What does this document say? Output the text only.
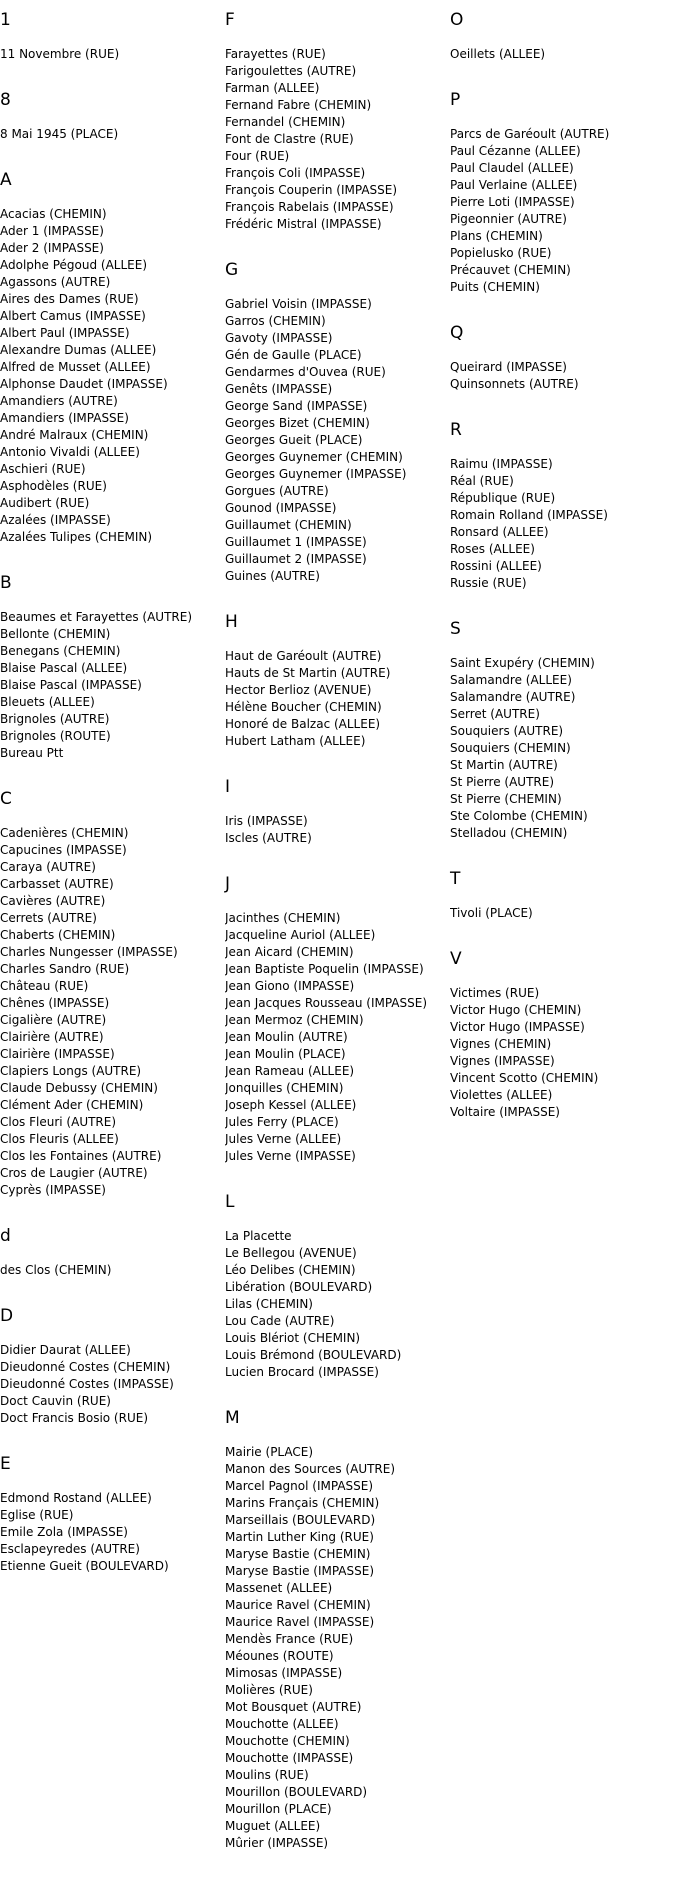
1
11 Novembre (RUE)
8
8 Mai 1945 (PLACE)
A
Acacias (CHEMIN)
Ader 1 (IMPASSE)
Ader 2 (IMPASSE)
Adolphe Pégoud (ALLEE)
Agassons (AUTRE)
Aires des Dames (RUE)
Albert Camus (IMPASSE)
Albert Paul (IMPASSE)
Alexandre Dumas (ALLEE)
Alfred de Musset (ALLEE)
Alphonse Daudet (IMPASSE)
Amandiers (AUTRE)
Amandiers (IMPASSE)
André Malraux (CHEMIN)
Antonio Vivaldi (ALLEE)
Aschieri (RUE)
Asphodèles (RUE)
Audibert (RUE)
Azalées (IMPASSE)
Azalées Tulipes (CHEMIN)
B
Beaumes et Farayettes (AUTRE)
Bellonte (CHEMIN)
Benegans (CHEMIN)
Blaise Pascal (ALLEE)
Blaise Pascal (IMPASSE)
Bleuets (ALLEE)
Brignoles (AUTRE)
Brignoles (ROUTE)
Bureau Ptt
C
Cadenières (CHEMIN)
Capucines (IMPASSE)
Caraya (AUTRE)
Carbasset (AUTRE)
Cavières (AUTRE)
Cerrets (AUTRE)
Chaberts (CHEMIN)
Charles Nungesser (IMPASSE)
Charles Sandro (RUE)
Château (RUE)
Chênes (IMPASSE)
Cigalière (AUTRE)
Clairière (AUTRE)
Clairière (IMPASSE)
Clapiers Longs (AUTRE)
Claude Debussy (CHEMIN)
Clément Ader (CHEMIN)
Clos Fleuri (AUTRE)
Clos Fleuris (ALLEE)
Clos les Fontaines (AUTRE)
Cros de Laugier (AUTRE)
Cyprès (IMPASSE)
d
des Clos (CHEMIN)
D
Didier Daurat (ALLEE)
Dieudonné Costes (CHEMIN)
Dieudonné Costes (IMPASSE)
Doct Cauvin (RUE)
Doct Francis Bosio (RUE)
E
Edmond Rostand (ALLEE)
Eglise (RUE)
Emile Zola (IMPASSE)
Esclapeyredes (AUTRE)
Etienne Gueit (BOULEVARD)
F
Farayettes (RUE)
Farigoulettes (AUTRE)
Farman (ALLEE)
Fernand Fabre (CHEMIN)
Fernandel (CHEMIN)
Font de Clastre (RUE)
Four (RUE)
François Coli (IMPASSE)
François Couperin (IMPASSE)
François Rabelais (IMPASSE)
Frédéric Mistral (IMPASSE)
G
Gabriel Voisin (IMPASSE)
Garros (CHEMIN)
Gavoty (IMPASSE)
Gén de Gaulle (PLACE)
Gendarmes d'Ouvea (RUE)
Genêts (IMPASSE)
George Sand (IMPASSE)
Georges Bizet (CHEMIN)
Georges Gueit (PLACE)
Georges Guynemer (CHEMIN)
Georges Guynemer (IMPASSE)
Gorgues (AUTRE)
Gounod (IMPASSE)
Guillaumet (CHEMIN)
Guillaumet 1 (IMPASSE)
Guillaumet 2 (IMPASSE)
Guines (AUTRE)
H
Haut de Garéoult (AUTRE)
Hauts de St Martin (AUTRE)
Hector Berlioz (AVENUE)
Hélène Boucher (CHEMIN)
Honoré de Balzac (ALLEE)
Hubert Latham (ALLEE)
I
Iris (IMPASSE)
Iscles (AUTRE)
J
Jacinthes (CHEMIN)
Jacqueline Auriol (ALLEE)
Jean Aicard (CHEMIN)
Jean Baptiste Poquelin (IMPASSE)
Jean Giono (IMPASSE)
Jean Jacques Rousseau (IMPASSE)
Jean Mermoz (CHEMIN)
Jean Moulin (AUTRE)
Jean Moulin (PLACE)
Jean Rameau (ALLEE)
Jonquilles (CHEMIN)
Joseph Kessel (ALLEE)
Jules Ferry (PLACE)
Jules Verne (ALLEE)
Jules Verne (IMPASSE)
L
La Placette
Le Bellegou (AVENUE)
Léo Delibes (CHEMIN)
Libération (BOULEVARD)
Lilas (CHEMIN)
Lou Cade (AUTRE)
Louis Blériot (CHEMIN)
Louis Brémond (BOULEVARD)
Lucien Brocard (IMPASSE)
M
Mairie (PLACE)
Manon des Sources (AUTRE)
Marcel Pagnol (IMPASSE)
Marins Français (CHEMIN)
Marseillais (BOULEVARD)
Martin Luther King (RUE)
Maryse Bastie (CHEMIN)
Maryse Bastie (IMPASSE)
Massenet (ALLEE)
Maurice Ravel (CHEMIN)
Maurice Ravel (IMPASSE)
Mendès France (RUE)
Méounes (ROUTE)
Mimosas (IMPASSE)
Molières (RUE)
Mot Bousquet (AUTRE)
Mouchotte (ALLEE)
Mouchotte (CHEMIN)
Mouchotte (IMPASSE)
Moulins (RUE)
Mourillon (BOULEVARD)
Mourillon (PLACE)
Muguet (ALLEE)
Mûrier (IMPASSE)
O
Oeillets (ALLEE)
P
Parcs de Garéoult (AUTRE)
Paul Cézanne (ALLEE)
Paul Claudel (ALLEE)
Paul Verlaine (ALLEE)
Pierre Loti (IMPASSE)
Pigeonnier (AUTRE)
Plans (CHEMIN)
Popielusko (RUE)
Précauvet (CHEMIN)
Puits (CHEMIN)
Q
Queirard (IMPASSE)
Quinsonnets (AUTRE)
R
Raimu (IMPASSE)
Réal (RUE)
République (RUE)
Romain Rolland (IMPASSE)
Ronsard (ALLEE)
Roses (ALLEE)
Rossini (ALLEE)
Russie (RUE)
S
Saint Exupéry (CHEMIN)
Salamandre (ALLEE)
Salamandre (AUTRE)
Serret (AUTRE)
Souquiers (AUTRE)
Souquiers (CHEMIN)
St Martin (AUTRE)
St Pierre (AUTRE)
St Pierre (CHEMIN)
Ste Colombe (CHEMIN)
Stelladou (CHEMIN)
T
Tivoli (PLACE)
V
Victimes (RUE)
Victor Hugo (CHEMIN)
Victor Hugo (IMPASSE)
Vignes (CHEMIN)
Vignes (IMPASSE)
Vincent Scotto (CHEMIN)
Violettes (ALLEE)
Voltaire (IMPASSE)
